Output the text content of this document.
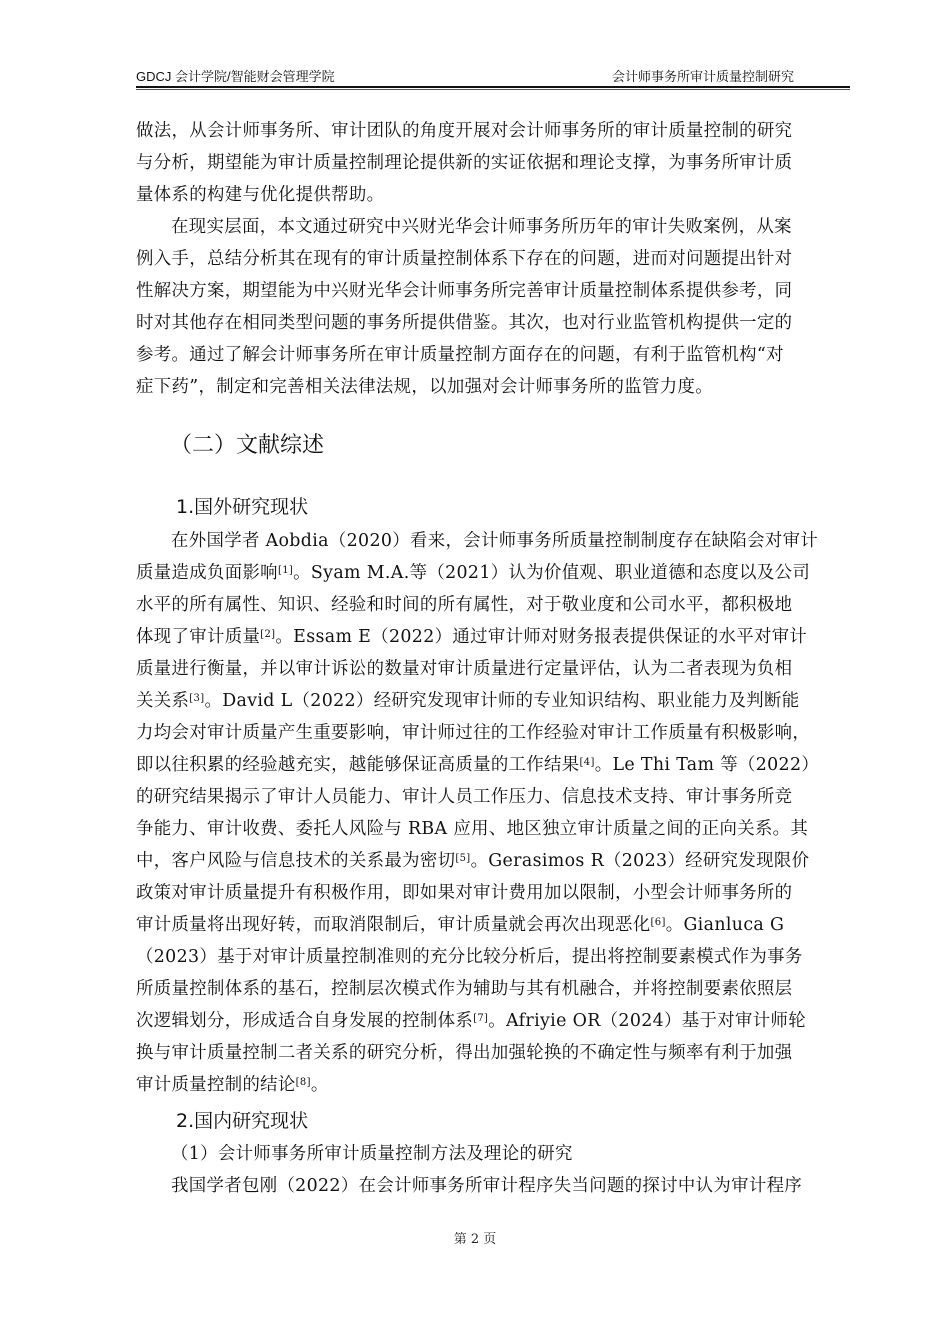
GDCJ 会计学院/智能财会管理学院	会计师事务所审计质量控制研究
做法，从会计师事务所、审计团队的角度开展对会计师事务所的审计质量控制的研究
与分析，期望能为审计质量控制理论提供新的实证依据和理论支撑，为事务所审计质
量体系的构建与优化提供帮助。
在现实层面，本文通过研究中兴财光华会计师事务所历年的审计失败案例，从案
例入手，总结分析其在现有的审计质量控制体系下存在的问题，进而对问题提出针对
性解决方案，期望能为中兴财光华会计师事务所完善审计质量控制体系提供参考，同
时对其他存在相同类型问题的事务所提供借鉴。其次，也对行业监管机构提供一定的
参考。通过了解会计师事务所在审计质量控制方面存在的问题，有利于监管机构“对
症下药”，制定和完善相关法律法规，以加强对会计师事务所的监管力度。
（二）文献综述
1.国外研究现状
在外国学者 Aobdia（2020）看来，会计师事务所质量控制制度存在缺陷会对审计
质量造成负面影响[1]。Syam M.A.等（2021）认为价值观、职业道德和态度以及公司
水平的所有属性、知识、经验和时间的所有属性，对于敬业度和公司水平，都积极地
体现了审计质量[2]。Essam E（2022）通过审计师对财务报表提供保证的水平对审计
质量进行衡量，并以审计诉讼的数量对审计质量进行定量评估，认为二者表现为负相
关关系[3]。David L（2022）经研究发现审计师的专业知识结构、职业能力及判断能
力均会对审计质量产生重要影响，审计师过往的工作经验对审计工作质量有积极影响，
即以往积累的经验越充实，越能够保证高质量的工作结果[4]。Le Thi Tam 等（2022）
的研究结果揭示了审计人员能力、审计人员工作压力、信息技术支持、审计事务所竞
争能力、审计收费、委托人风险与 RBA 应用、地区独立审计质量之间的正向关系。其
中，客户风险与信息技术的关系最为密切[5]。Gerasimos R（2023）经研究发现限价
政策对审计质量提升有积极作用，即如果对审计费用加以限制，小型会计师事务所的
审计质量将出现好转，而取消限制后，审计质量就会再次出现恶化[6]。Gianluca G
（2023）基于对审计质量控制准则的充分比较分析后，提出将控制要素模式作为事务
所质量控制体系的基石，控制层次模式作为辅助与其有机融合，并将控制要素依照层
次逻辑划分，形成适合自身发展的控制体系[7]。Afriyie OR（2024）基于对审计师轮
换与审计质量控制二者关系的研究分析，得出加强轮换的不确定性与频率有利于加强
审计质量控制的结论[8]。
2.国内研究现状
（1）会计师事务所审计质量控制方法及理论的研究
我国学者包刚（2022）在会计师事务所审计程序失当问题的探讨中认为审计程序
第 2 页
